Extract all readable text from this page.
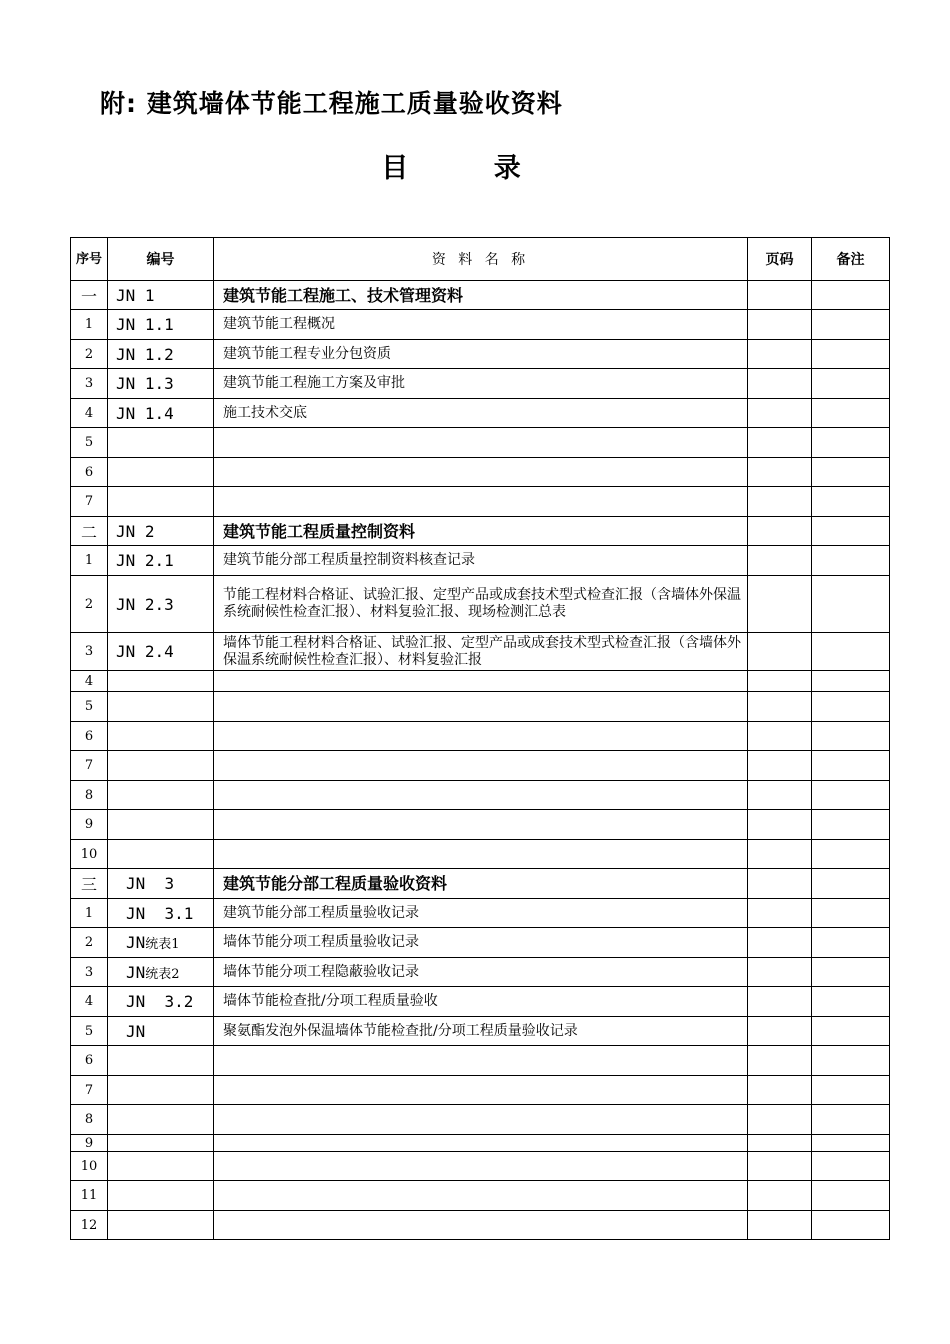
附: 建筑墙体节能工程施工质量验收资料
目 录
序号	编号	资 料 名 称	页码	备注
一	JN 1	建筑节能工程施工、技术管理资料		
1	JN 1.1	建筑节能工程概况		
2	JN 1.2	建筑节能工程专业分包资质		
3	JN 1.3	建筑节能工程施工方案及审批		
4	JN 1.4	施工技术交底		
5				
6				
7				
二	JN 2	建筑节能工程质量控制资料		
1	JN 2.1	建筑节能分部工程质量控制资料核查记录		
2	JN 2.3	节能工程材料合格证、试验汇报、定型产品或成套技术型式检查汇报（含墙体外保温系统耐候性检查汇报）、材料复验汇报、现场检测汇总表		
3	JN 2.4	墙体节能工程材料合格证、试验汇报、定型产品或成套技术型式检查汇报（含墙体外保温系统耐候性检查汇报）、材料复验汇报		
4				
5				
6				
7				
8				
9				
10				
三	JN  3	建筑节能分部工程质量验收资料		
1	JN  3.1	建筑节能分部工程质量验收记录		
2	JN统表1	墙体节能分项工程质量验收记录		
3	JN统表2	墙体节能分项工程隐蔽验收记录		
4	JN  3.2	墙体节能检查批/分项工程质量验收		
5	JN	聚氨酯发泡外保温墙体节能检查批/分项工程质量验收记录		
6				
7				
8				
9				
10				
11				
12				
